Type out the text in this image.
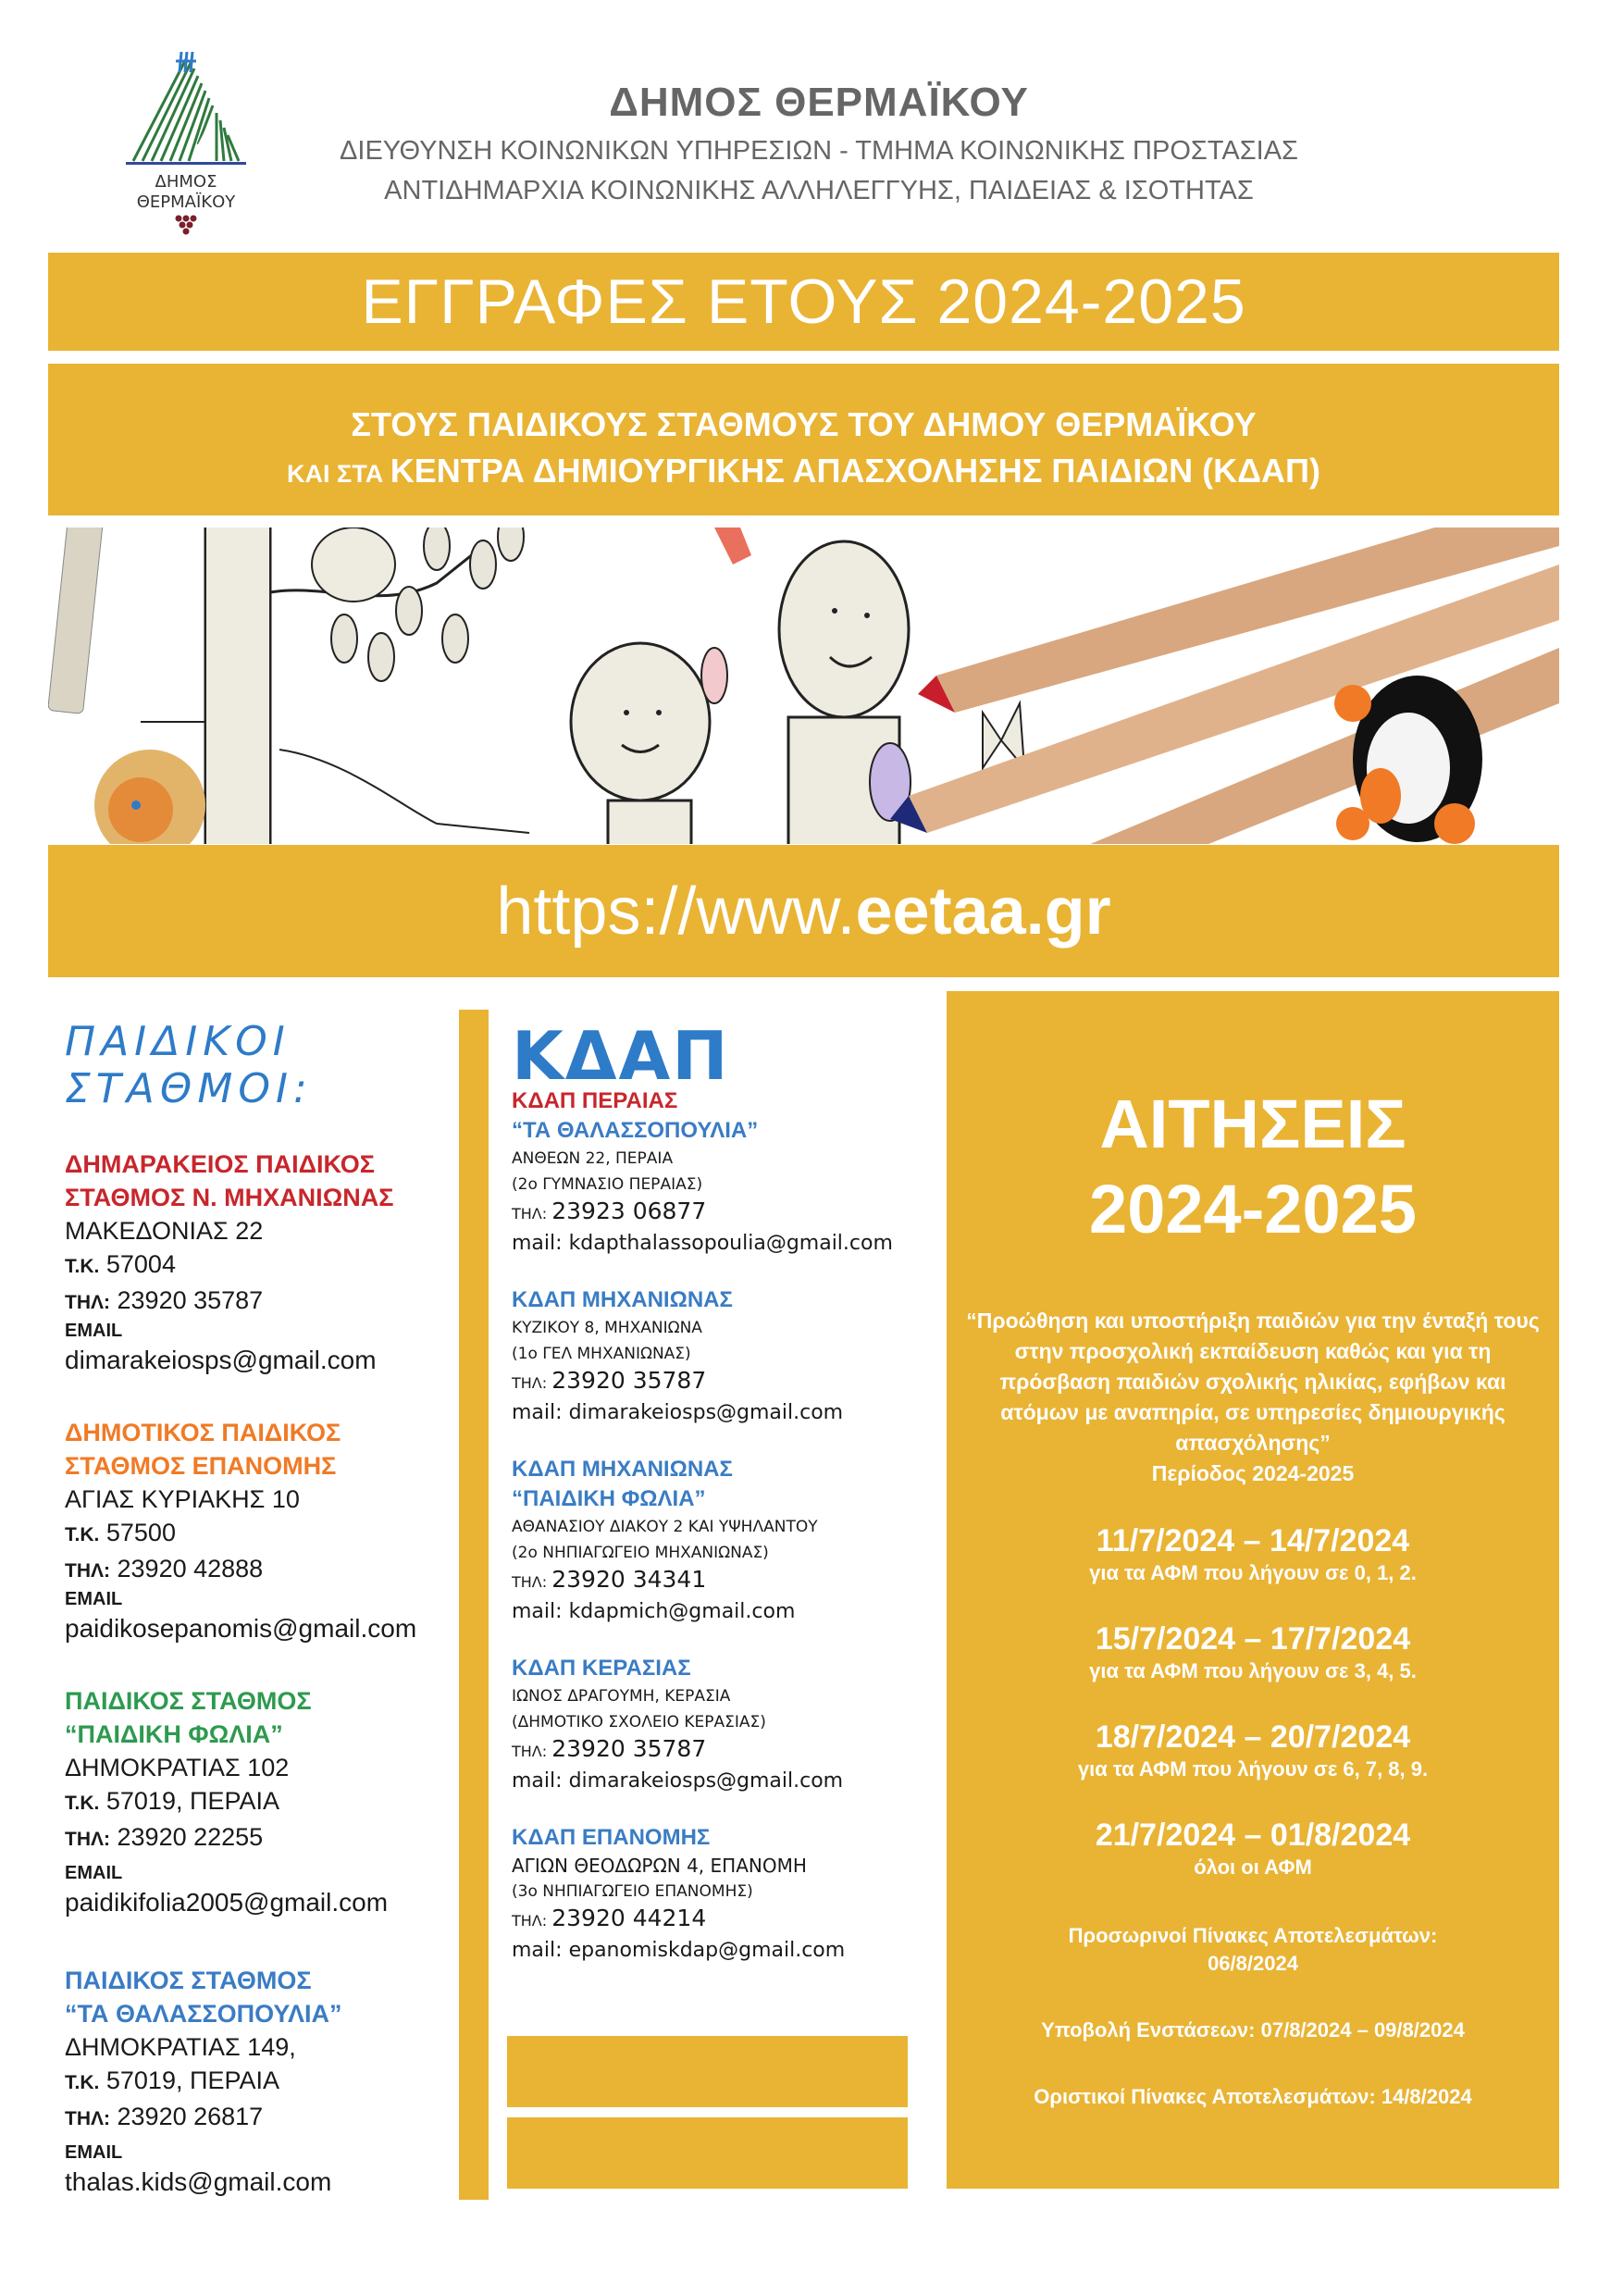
ΔΗΜΟΣ
ΘΕΡΜΑΪΚΟΥ
ΔΗΜΟΣ ΘΕΡΜΑΪΚΟΥ
ΔΙΕΥΘΥΝΣΗ ΚΟΙΝΩΝΙΚΩΝ ΥΠΗΡΕΣΙΩΝ - ΤΜΗΜΑ ΚΟΙΝΩΝΙΚΗΣ ΠΡΟΣΤΑΣΙΑΣ
ΑΝΤΙΔΗΜΑΡΧΙΑ ΚΟΙΝΩΝΙΚΗΣ ΑΛΛΗΛΕΓΓΥΗΣ, ΠΑΙΔΕΙΑΣ & ΙΣΟΤΗΤΑΣ
ΕΓΓΡΑΦΕΣ ΕΤΟΥΣ 2024-2025
ΣΤΟΥΣ ΠΑΙΔΙΚΟΥΣ ΣΤΑΘΜΟΥΣ ΤΟΥ ΔΗΜΟΥ ΘΕΡΜΑΪΚΟΥ
ΚΑΙ ΣΤΑ ΚΕΝΤΡΑ ΔΗΜΙΟΥΡΓΙΚΗΣ ΑΠΑΣΧΟΛΗΣΗΣ ΠΑΙΔΙΩΝ (ΚΔΑΠ)
https://www.eetaa.gr
ΠΑΙΔΙΚΟΙ ΣΤΑΘΜΟΙ:
ΔΗΜΑΡΑΚΕΙΟΣ ΠΑΙΔΙΚΟΣ
ΣΤΑΘΜΟΣ Ν. ΜΗΧΑΝΙΩΝΑΣ
ΜΑΚΕΔΟΝΙΑΣ 22
Τ.Κ. 57004
ΤΗΛ: 23920 35787
EMAIL
dimarakeiosps@gmail.com
ΔΗΜΟΤΙΚΟΣ ΠΑΙΔΙΚΟΣ
ΣΤΑΘΜΟΣ ΕΠΑΝΟΜΗΣ
ΑΓΙΑΣ ΚΥΡΙΑΚΗΣ 10
Τ.Κ. 57500
ΤΗΛ: 23920 42888
EMAIL
paidikosepanomis@gmail.com
ΠΑΙΔΙΚΟΣ ΣΤΑΘΜΟΣ
“ΠΑΙΔΙΚΗ ΦΩΛΙΑ”
ΔΗΜΟΚΡΑΤΙΑΣ 102
Τ.Κ. 57019, ΠΕΡΑΙΑ
ΤΗΛ: 23920 22255
EMAIL
paidikifolia2005@gmail.com
ΠΑΙΔΙΚΟΣ ΣΤΑΘΜΟΣ
“ΤΑ ΘΑΛΑΣΣΟΠΟΥΛΙΑ”
ΔΗΜΟΚΡΑΤΙΑΣ 149,
Τ.Κ. 57019, ΠΕΡΑΙΑ
ΤΗΛ: 23920 26817
EMAIL
thalas.kids@gmail.com
ΚΔΑΠ
ΚΔΑΠ ΠΕΡΑΙΑΣ
“ΤΑ ΘΑΛΑΣΣΟΠΟΥΛΙΑ”
ΑΝΘΕΩΝ 22, ΠΕΡΑΙΑ
(2ο ΓΥΜΝΑΣΙΟ ΠΕΡΑΙΑΣ)
ΤΗΛ: 23923 06877
mail: kdapthalassopoulia@gmail.com
ΚΔΑΠ ΜΗΧΑΝΙΩΝΑΣ
ΚΥΖΙΚΟΥ 8, ΜΗΧΑΝΙΩΝΑ
(1ο ΓΕΛ ΜΗΧΑΝΙΩΝΑΣ)
ΤΗΛ: 23920 35787
mail: dimarakeiosps@gmail.com
ΚΔΑΠ ΜΗΧΑΝΙΩΝΑΣ
“ΠΑΙΔΙΚΗ ΦΩΛΙΑ”
ΑΘΑΝΑΣΙΟΥ ΔΙΑΚΟΥ 2 ΚΑΙ ΥΨΗΛΑΝΤΟΥ
(2ο ΝΗΠΙΑΓΩΓΕΙΟ ΜΗΧΑΝΙΩΝΑΣ)
ΤΗΛ: 23920 34341
mail: kdapmich@gmail.com
ΚΔΑΠ ΚΕΡΑΣΙΑΣ
ΙΩΝΟΣ ΔΡΑΓΟΥΜΗ, ΚΕΡΑΣΙΑ
(ΔΗΜΟΤΙΚΟ ΣΧΟΛΕΙΟ ΚΕΡΑΣΙΑΣ)
ΤΗΛ: 23920 35787
mail: dimarakeiosps@gmail.com
ΚΔΑΠ ΕΠΑΝΟΜΗΣ
ΑΓΙΩΝ ΘΕΟΔΩΡΩΝ 4, ΕΠΑΝΟΜΗ
(3ο ΝΗΠΙΑΓΩΓΕΙΟ ΕΠΑΝΟΜΗΣ)
ΤΗΛ: 23920 44214
mail: epanomiskdap@gmail.com
ΑΙΤΗΣΕΙΣ
2024-2025
“Προώθηση και υποστήριξη παιδιών για την ένταξή τους στην προσχολική εκπαίδευση καθώς και για τη πρόσβαση παιδιών σχολικής ηλικίας, εφήβων και ατόμων με αναπηρία, σε υπηρεσίες δημιουργικής απασχόλησης”
Περίοδος 2024-2025
11/7/2024 – 14/7/2024
για τα ΑΦΜ που λήγουν σε 0, 1, 2.
15/7/2024 – 17/7/2024
για τα ΑΦΜ που λήγουν σε 3, 4, 5.
18/7/2024 – 20/7/2024
για τα ΑΦΜ που λήγουν σε 6, 7, 8, 9.
21/7/2024 – 01/8/2024
όλοι οι ΑΦΜ
Προσωρινοί Πίνακες Αποτελεσμάτων:
06/8/2024
Υποβολή Ενστάσεων: 07/8/2024 – 09/8/2024
Οριστικοί Πίνακες Αποτελεσμάτων: 14/8/2024
